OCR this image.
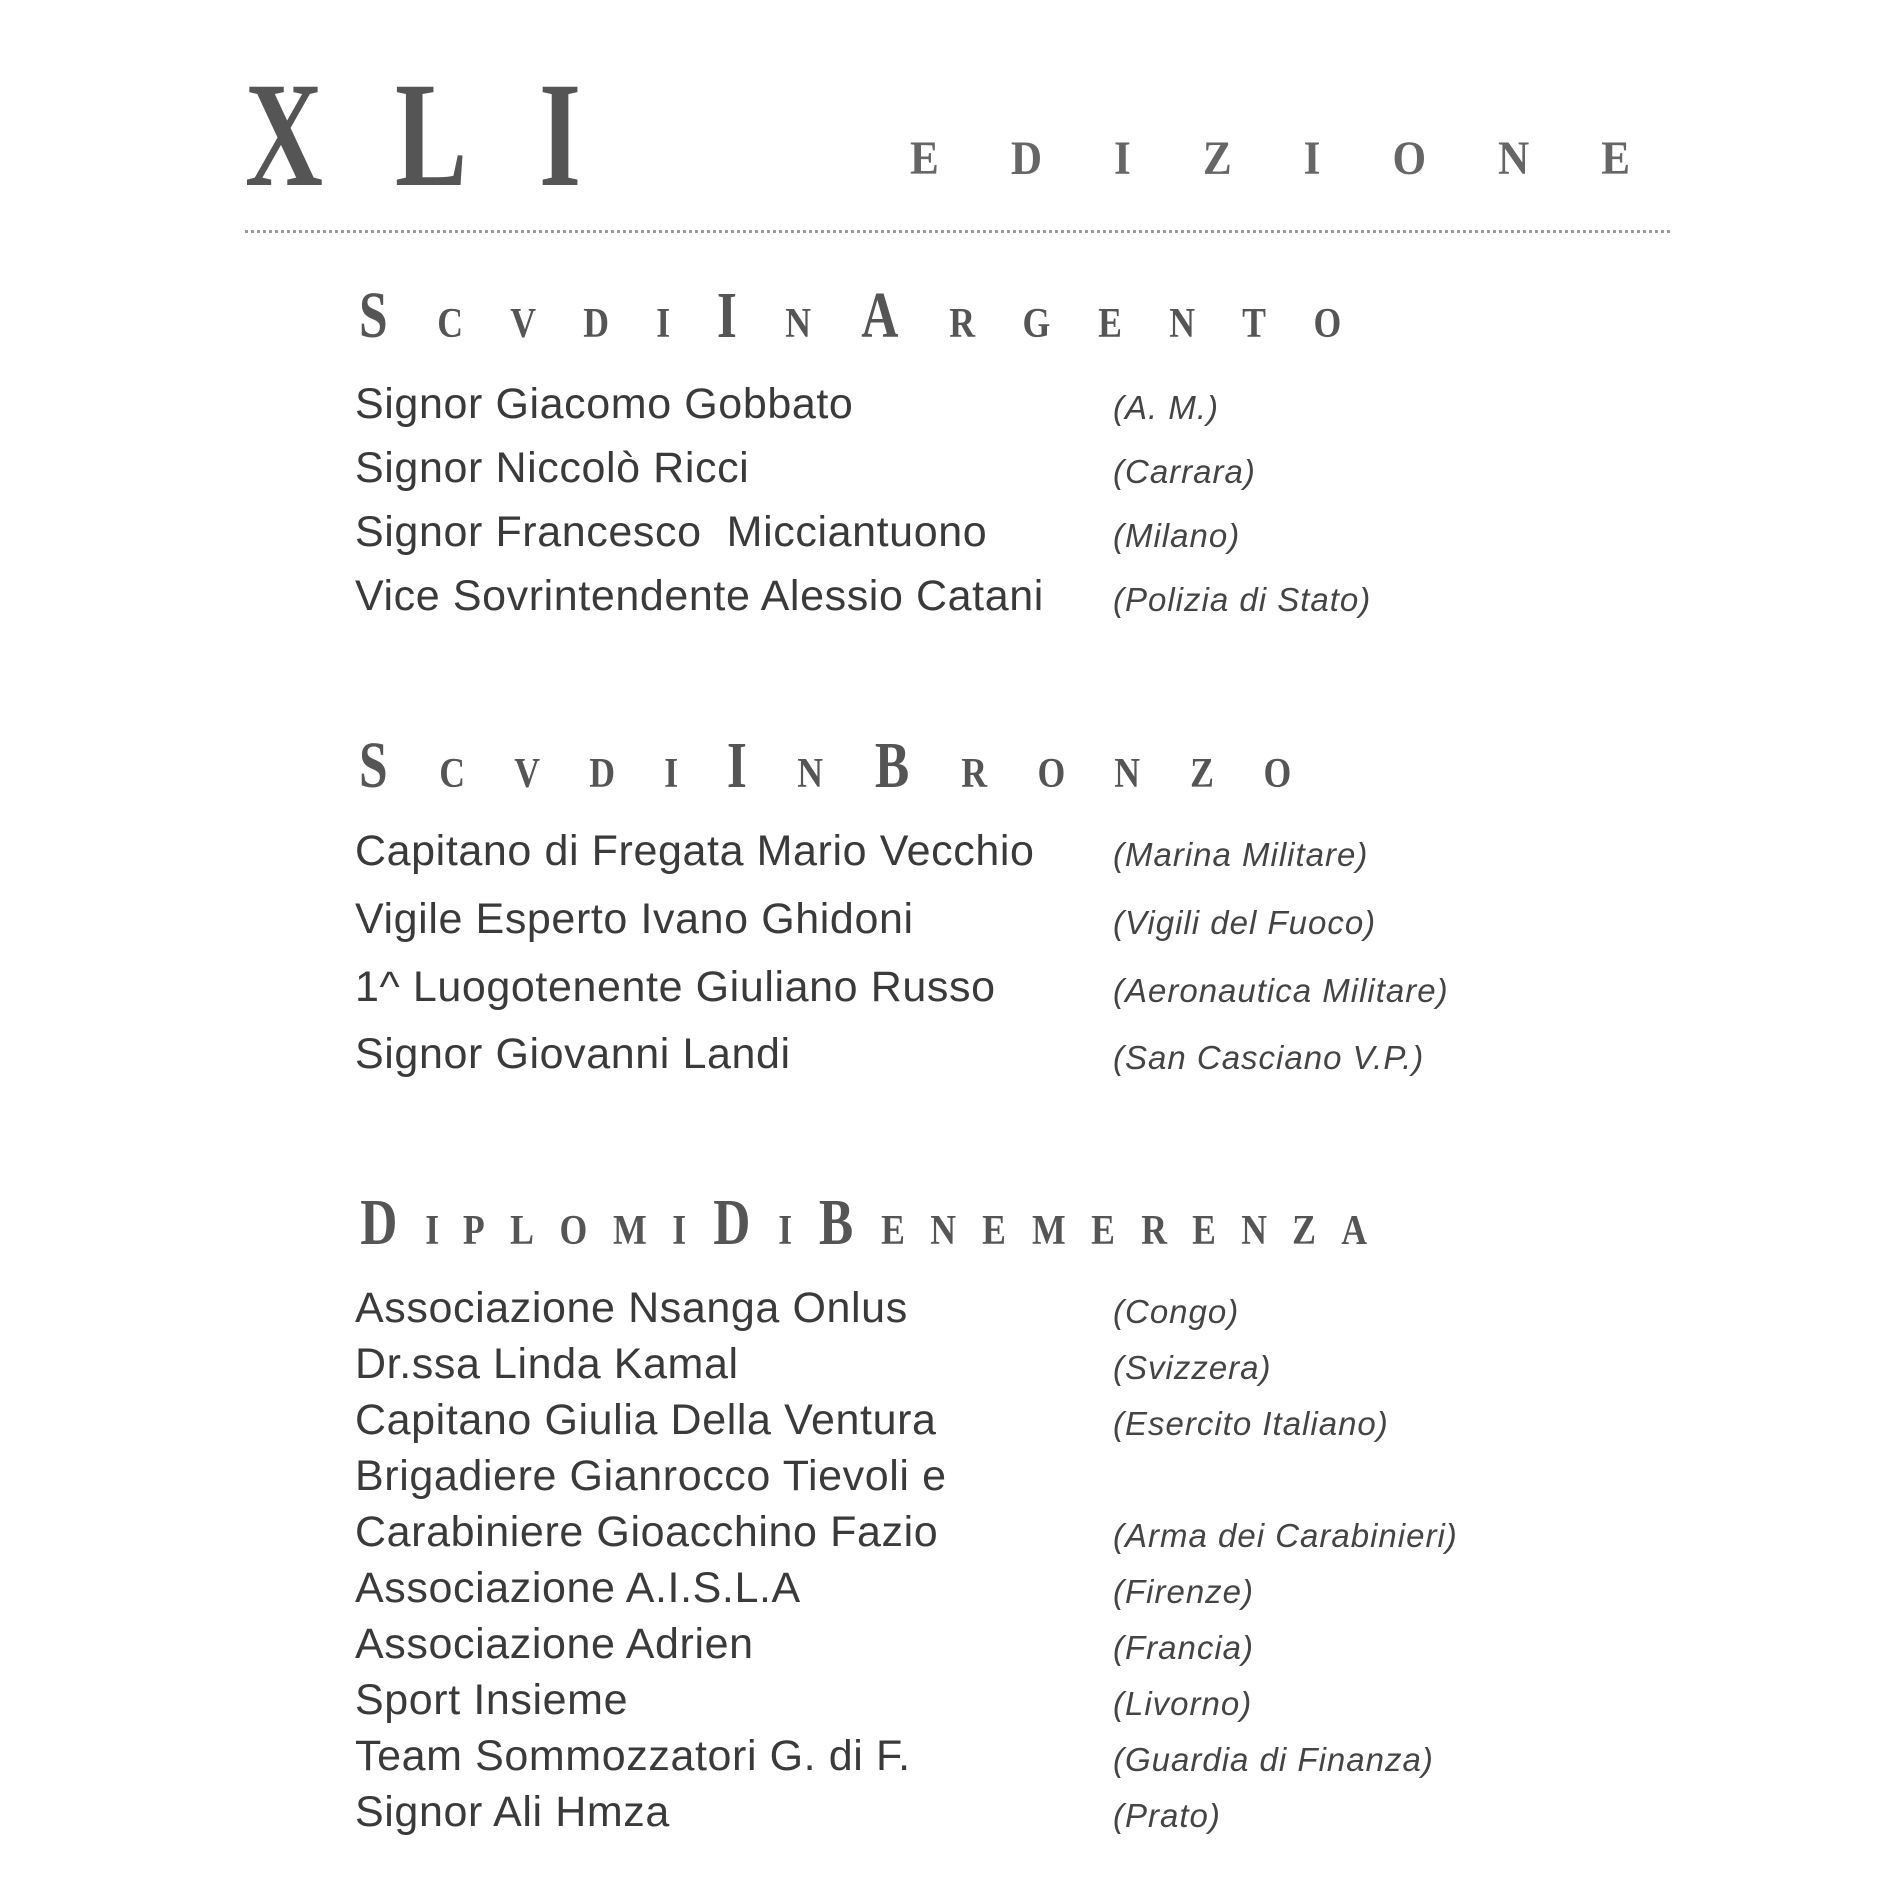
XLI	EDIZIONE
S C V D I I N A R G E N T O
S C V D I I N B R O N Z O
D I P L O M I D I B E N E M E R E N Z A
Signor Giacomo Gobbato	(A. M.)
Signor Niccolò Ricci	(Carrara)
Signor Francesco  Micciantuono	(Milano)
Vice Sovrintendente Alessio Catani (Polizia di Stato)
Capitano di Fregata Mario Vecchio (Marina Militare)
Vigile Esperto Ivano Ghidoni	(Vigili del Fuoco)
1^ Luogotenente Giuliano Russo	(Aeronautica Militare)
Signor Giovanni Landi	(San Casciano V.P.)
Associazione Nsanga Onlus	(Congo)
Dr.ssa Linda Kamal	(Svizzera)
Capitano Giulia Della Ventura	(Esercito Italiano)
Brigadiere Gianrocco Tievoli e
Carabiniere Gioacchino Fazio	(Arma dei Carabinieri)
Associazione A.I.S.L.A	(Firenze)
Associazione Adrien	(Francia)
Sport Insieme	(Livorno)
Team Sommozzatori G. di F.	(Guardia di Finanza)
Signor Ali Hmza	(Prato)
